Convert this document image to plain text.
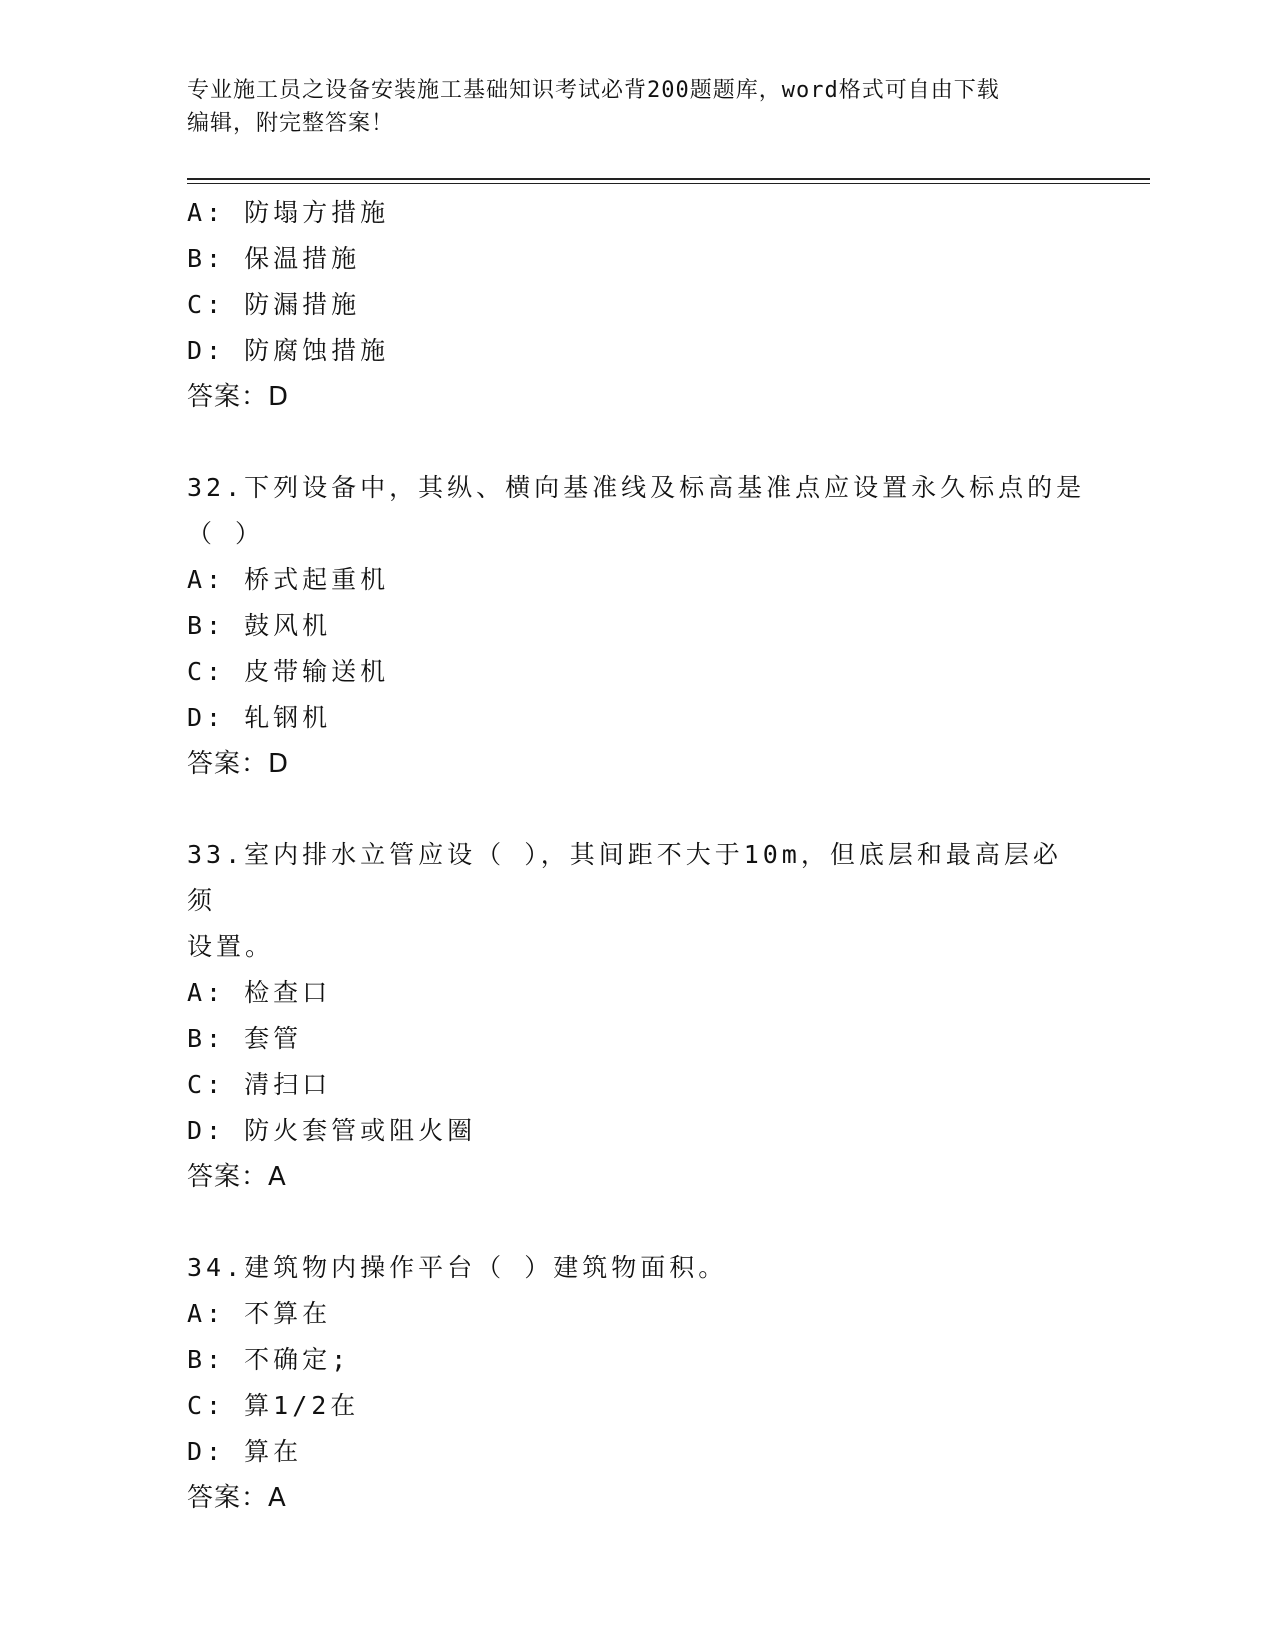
专业施工员之设备安装施工基础知识考试必背200题题库，word格式可自由下载
编辑，附完整答案！
A: 防塌方措施
B: 保温措施
C: 防漏措施
D: 防腐蚀措施
答案：D
32.下列设备中，其纵、横向基准线及标高基准点应设置永久标点的是
（ ）
A: 桥式起重机
B: 鼓风机
C: 皮带输送机
D: 轧钢机
答案：D
33.室内排水立管应设（ ），其间距不大于10m，但底层和最高层必须
设置。
A: 检查口
B: 套管
C: 清扫口
D: 防火套管或阻火圈
答案：A
34.建筑物内操作平台（ ）建筑物面积。
A: 不算在
B: 不确定;
C: 算1/2在
D: 算在
答案：A
